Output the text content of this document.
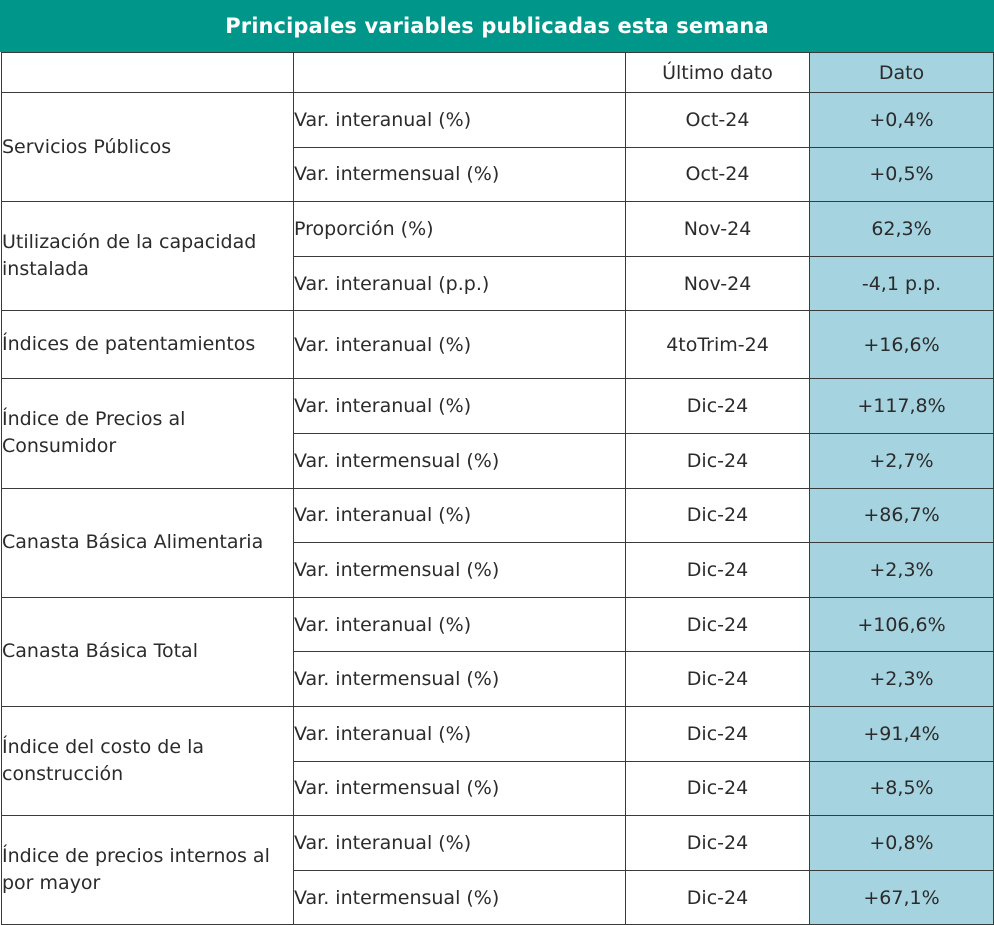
Principales variables publicadas esta semana
		Último dato	Dato
Servicios Públicos	Var. interanual (%)	Oct-24	+0,4%
	Var. intermensual (%)	Oct-24	+0,5%
Utilización de la capacidad instalada	Proporción (%)	Nov-24	62,3%
	Var. interanual (p.p.)	Nov-24	-4,1 p.p.
Índices de patentamientos	Var. interanual (%)	4toTrim-24	+16,6%
Índice de Precios al Consumidor	Var. interanual (%)	Dic-24	+117,8%
	Var. intermensual (%)	Dic-24	+2,7%
Canasta Básica Alimentaria	Var. interanual (%)	Dic-24	+86,7%
	Var. intermensual (%)	Dic-24	+2,3%
Canasta Básica Total	Var. interanual (%)	Dic-24	+106,6%
	Var. intermensual (%)	Dic-24	+2,3%
Índice del costo de la construcción	Var. interanual (%)	Dic-24	+91,4%
	Var. intermensual (%)	Dic-24	+8,5%
Índice de precios internos al por mayor	Var. interanual (%)	Dic-24	+0,8%
	Var. intermensual (%)	Dic-24	+67,1%
